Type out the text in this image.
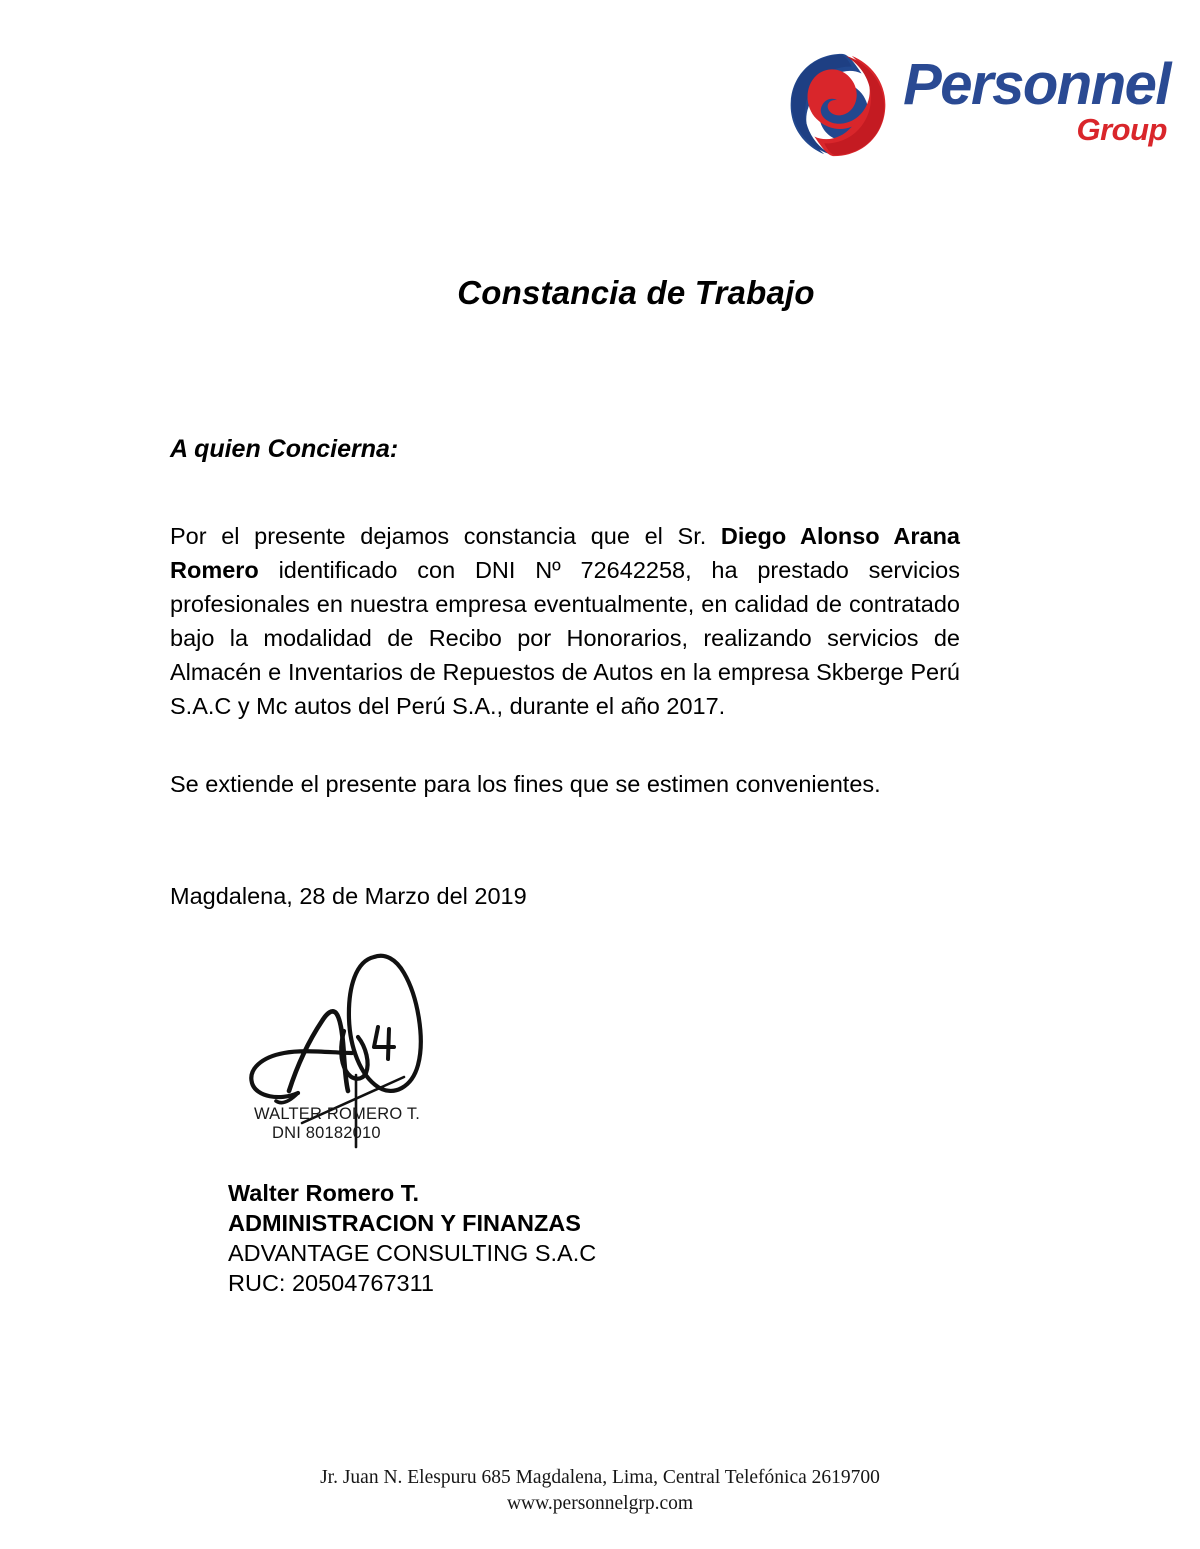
Personnel
Group
Constancia de Trabajo
A quien Concierna:

Por el presente dejamos constancia que el Sr. Diego Alonso Arana Romero identificado con DNI Nº 72642258, ha prestado servicios profesionales en nuestra empresa eventualmente, en calidad de contratado bajo la modalidad de Recibo por Honorarios, realizando servicios de Almacén e Inventarios de Repuestos de Autos en la empresa Skberge Perú S.A.C y Mc autos del Perú S.A., durante el año 2017.

Se extiende el presente para los fines que se estimen convenientes.

Magdalena, 28 de Marzo del 2019

WALTER ROMERO T.
DNI 80182010
Walter Romero T.
ADMINISTRACION Y FINANZAS
ADVANTAGE CONSULTING S.A.C
RUC: 20504767311
Jr. Juan N. Elespuru 685 Magdalena, Lima, Central Telefónica 2619700
www.personnelgrp.com
